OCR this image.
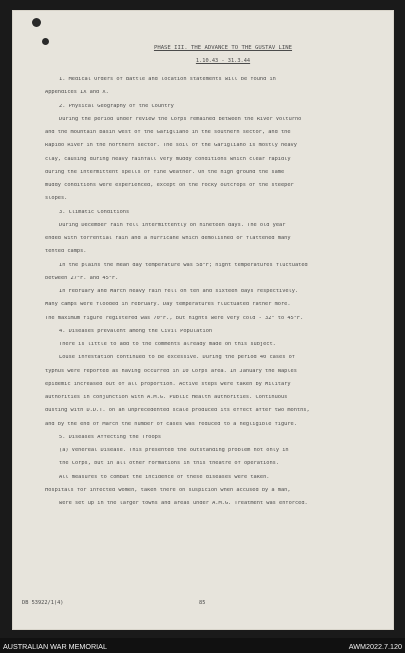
PHASE III. THE ADVANCE TO THE GUSTAV LINE
1.10.43 - 31.3.44
1. Medical Orders of Battle and location statements will be found in
Appendices IX and X.
2. Physical Geography of the Country
During the period under review the Corps remained between the River Volturno
and the mountain basin west of the Garigliano in the southern sector, and the
Rapido River in the northern sector. The soil of the Garigliano is mostly heavy
clay, causing during heavy rainfall very muddy conditions which clear rapidly
during the intermittent spells of fine weather. On the high ground the same
muddy conditions were experienced, except on the rocky outcrops of the steeper
slopes.
3. Climatic Conditions
During December rain fell intermittently on nineteen days. The old year
ended with torrential rain and a hurricane which demolished or flattened many
tented camps.
In the plains the mean day temperature was 58°F; night temperatures fluctuated
between 27°F. and 45°F.
In February and March heavy rain fell on ten and sixteen days respectively.
Many camps were flooded in February. Day temperatures fluctuated rather more.
The maximum figure registered was 70°F., but nights were very cold - 32° to 45°F.
4. Diseases prevalent among the Civil Population
There is little to add to the comments already made on this subject.
Louse infestation continued to be excessive. During the period 40 cases of
typhus were reported as having occurred in 10 Corps area. In January the Naples
epidemic increased out of all proportion. Active steps were taken by Military
authorities in conjunction with A.M.G. Public Health authorities. Continuous
dusting with D.D.T. on an unprecedented scale produced its effect after two months,
and by the end of March the number of cases was reduced to a negligible figure.
5. Diseases Affecting the Troops
(a) Venereal Disease. This presented the outstanding problem not only in
the Corps, but in all other Formations in this theatre of operations.
All measures to combat the incidence of these diseases were taken.
Hospitals for infected women, taken there on suspicion when accused by a man,
were set up in the larger towns and areas under A.M.G. Treatment was enforced.
DB 53922/1(4)	85
AUSTRALIAN WAR MEMORIAL	AWM2022.7.120
